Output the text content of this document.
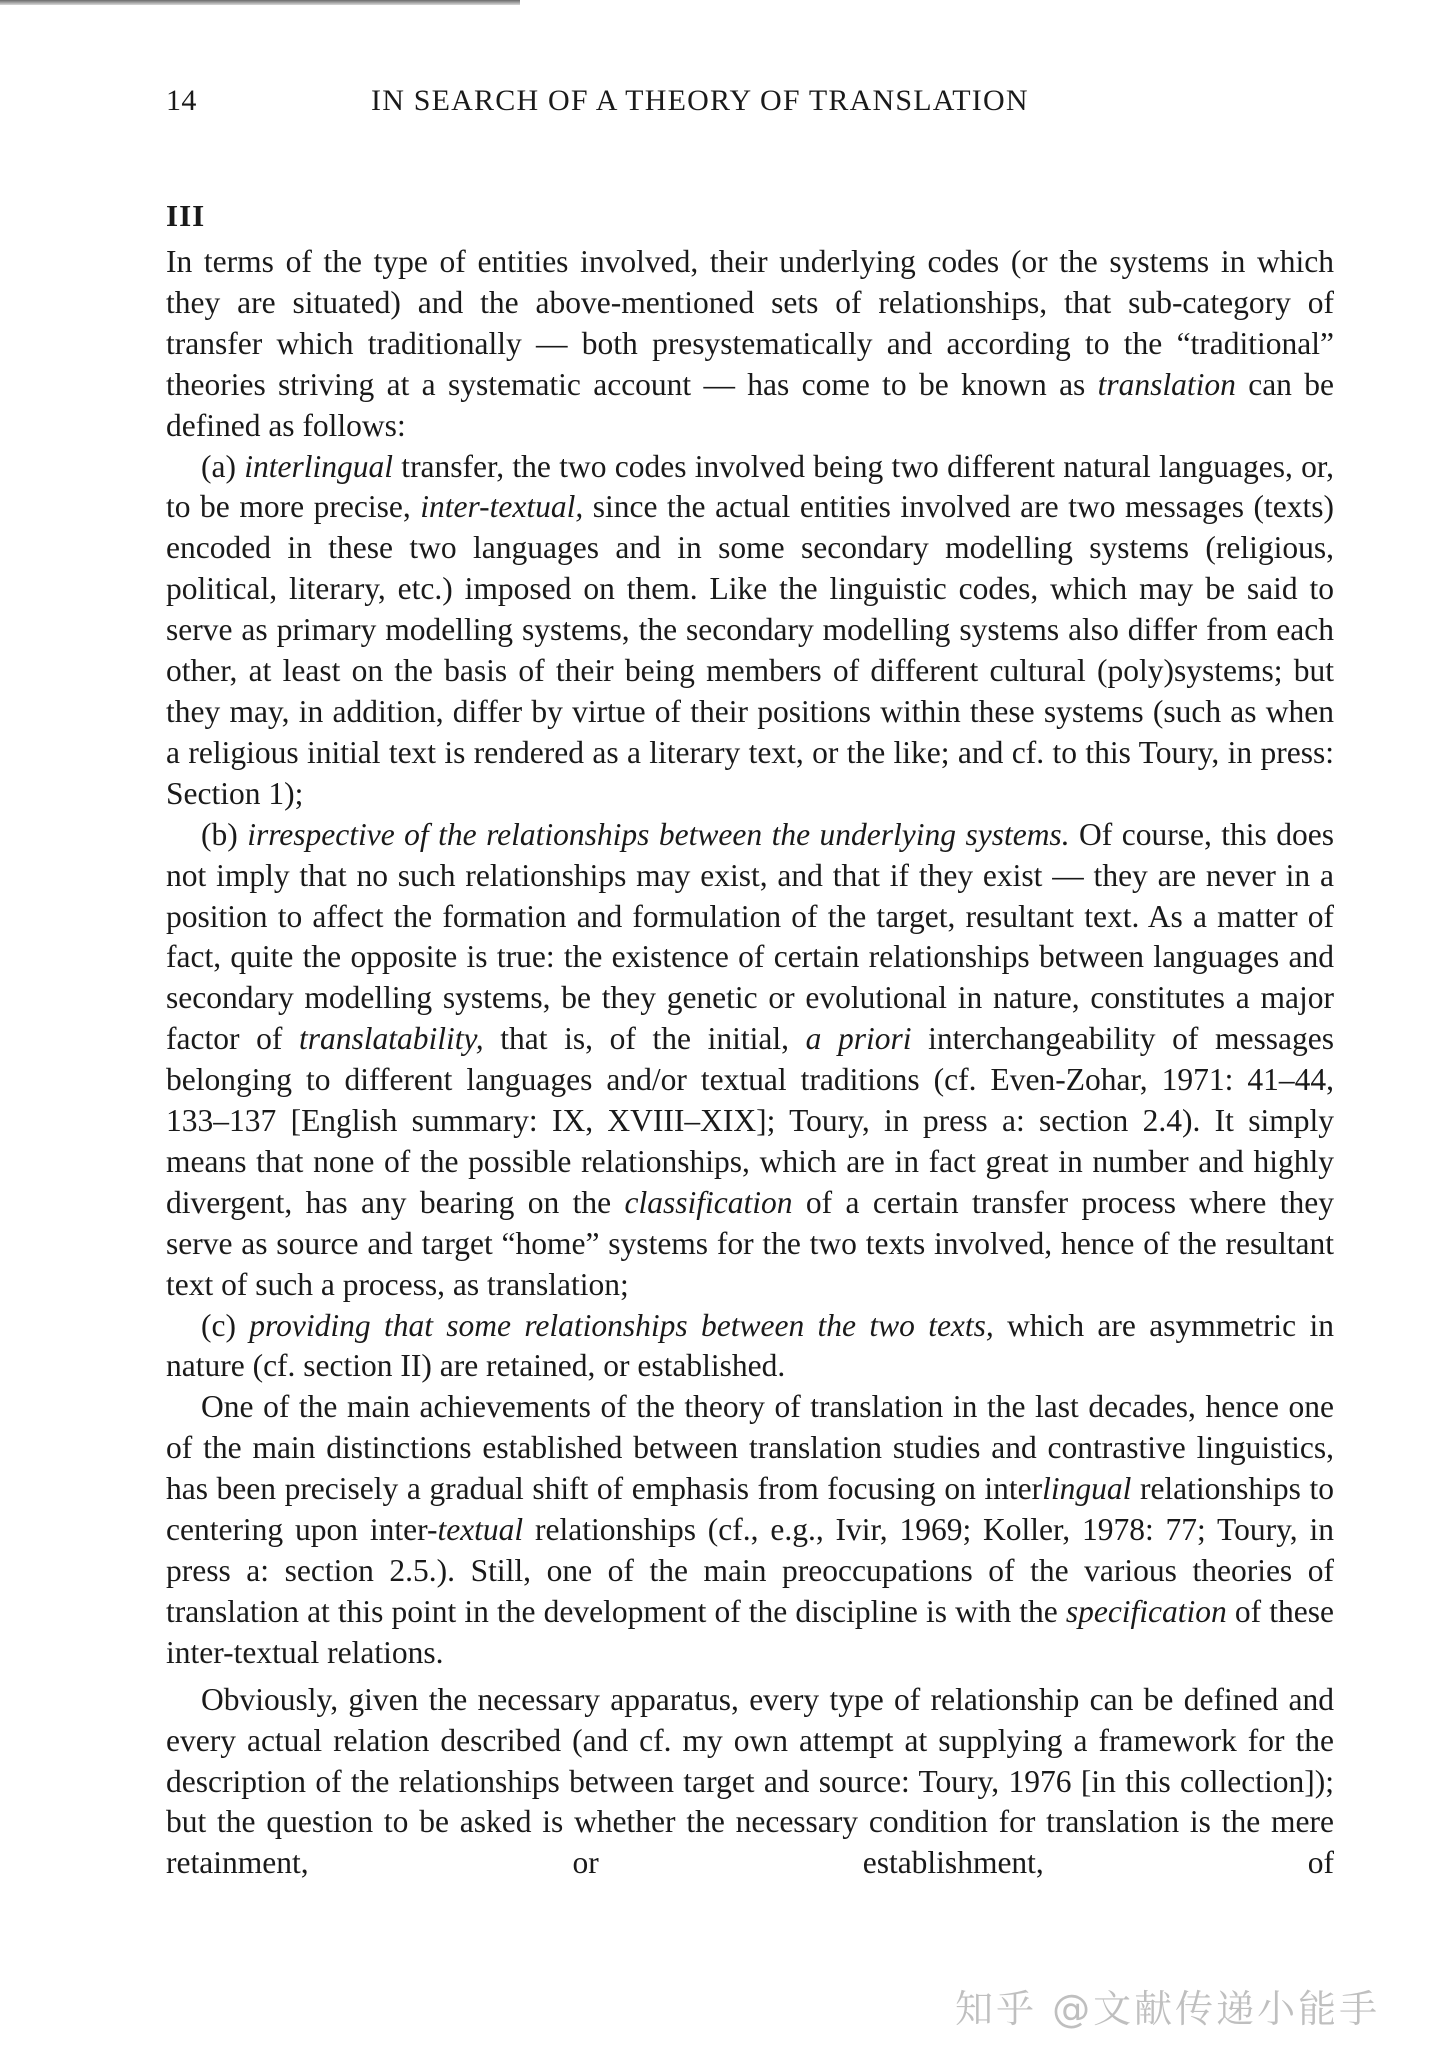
14	IN SEARCH OF A THEORY OF TRANSLATION
III

In terms of the type of entities involved, their underlying codes (or the systems in which they are situated) and the above-mentioned sets of relationships, that sub-category of transfer which traditionally — both presystematically and according to the “traditional” theories striving at a systematic account — has come to be known as translation can be defined as follows:

(a) interlingual transfer, the two codes involved being two different natural languages, or, to be more precise, inter-textual, since the actual entities involved are two messages (texts) encoded in these two languages and in some secondary modelling systems (religious, political, literary, etc.) imposed on them. Like the linguistic codes, which may be said to serve as primary modelling systems, the secondary modelling systems also differ from each other, at least on the basis of their being members of different cultural (poly)systems; but they may, in addition, differ by virtue of their positions within these systems (such as when a religious initial text is rendered as a literary text, or the like; and cf. to this Toury, in press: Section 1);

(b) irrespective of the relationships between the underlying systems. Of course, this does not imply that no such relationships may exist, and that if they exist — they are never in a position to affect the formation and formulation of the target, resultant text. As a matter of fact, quite the opposite is true: the existence of certain relationships between languages and secondary modelling systems, be they genetic or evolutional in nature, constitutes a major factor of translatability, that is, of the initial, a priori interchangeability of messages belonging to different languages and/or textual traditions (cf. Even-Zohar, 1971: 41–44, 133–137 [English summary: IX, XVIII–XIX]; Toury, in press a: section 2.4). It simply means that none of the possible relationships, which are in fact great in number and highly divergent, has any bearing on the classification of a certain transfer process where they serve as source and target “home” systems for the two texts involved, hence of the resultant text of such a process, as translation;

(c) providing that some relationships between the two texts, which are asymmetric in nature (cf. section II) are retained, or established.

One of the main achievements of the theory of translation in the last decades, hence one of the main distinctions established between translation studies and contrastive linguistics, has been precisely a gradual shift of emphasis from focusing on interlingual relationships to centering upon inter-textual relationships (cf., e.g., Ivir, 1969; Koller, 1978: 77; Toury, in press a: section 2.5.). Still, one of the main preoccupations of the various theories of translation at this point in the development of the discipline is with the specification of these inter-textual relations.

Obviously, given the necessary apparatus, every type of relationship can be defined and every actual relation described (and cf. my own attempt at supplying a framework for the description of the relationships between target and source: Toury, 1976 [in this collection]); but the question to be asked is whether the necessary condition for translation is the mere retainment, or establishment, of

知乎 @文献传递小能手
